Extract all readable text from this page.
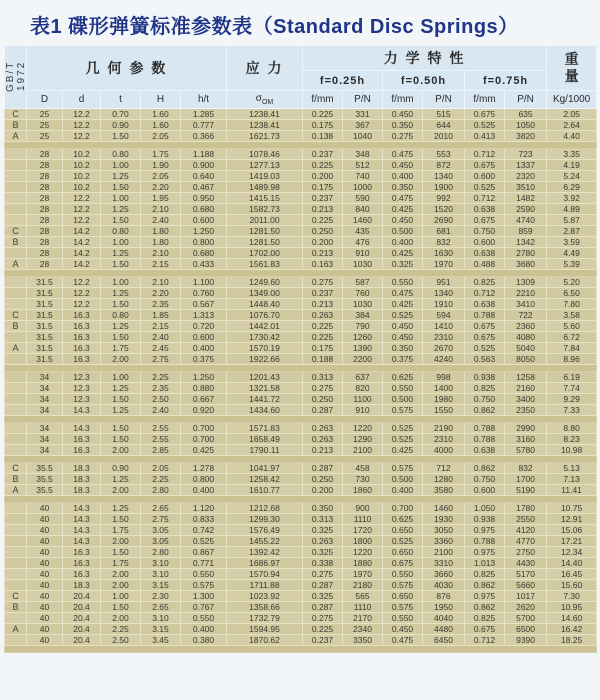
表1 碟形弹簧标准参数表（Standard Disc Springs）
GB/T 1972	几 何 参 数					应 力	力 学 特 性						重量
							f=0.25h		f=0.50h		f=0.75h		
	D	d	t	H	h/t	$\sigma_{OM}$	f/mm	P/N	f/mm	P/N	f/mm	P/N	Kg/1000
C	25	12.2	0.70	1.60	1.285	1238.41	0.225	331	0.450	515	0.675	635	2.05
B	25	12.2	0.90	1.60	0.777	1238.41	0.175	367	0.350	644	0.525	1050	2.64
A	25	12.2	1.50	2.05	0.366	1621.73	0.138	1040	0.275	2010	0.413	3820	4.40

	28	10.2	0.80	1.75	1.188	1078.46	0.237	348	0.475	553	0.712	723	3.35
	28	10.2	1.00	1.90	0.900	1277.13	0.225	512	0.450	872	0.675	1337	4.19
	28	10.2	1.25	2.05	0.640	1419.03	0.200	740	0.400	1340	0.600	2320	5.24
	28	10.2	1.50	2.20	0.467	1489.98	0.175	1000	0.350	1900	0.525	3510	6.29
	28	12.2	1.00	1.95	0.950	1415.15	0.237	590	0.475	992	0.712	1482	3.92
	28	12.2	1.25	2.10	0.680	1582.73	0.213	840	0.425	1520	0.638	2590	4.89
	28	12.2	1.50	2.40	0.600	2011.00	0.225	1460	0.450	2690	0.675	4740	5.87
C	28	14.2	0.80	1.80	1.250	1281.50	0.250	435	0.500	681	0.750	859	2.87
B	28	14.2	1.00	1.80	0.800	1281.50	0.200	476	0.400	832	0.600	1342	3.59
	28	14.2	1.25	2.10	0.680	1702.00	0.213	910	0.425	1630	0.638	2780	4.49
A	28	14.2	1.50	2.15	0.433	1561.83	0.163	1030	0.325	1970	0.488	3680	5.39

	31.5	12.2	1.00	2.10	1.100	1249.60	0.275	587	0.550	951	0.825	1309	5.20
	31.5	12.2	1.25	2.20	0.760	1349.00	0.237	760	0.475	1340	0.712	2210	6.50
	31.5	12.2	1.50	2.35	0.567	1448.40	0.213	1030	0.425	1910	0.638	3410	7.80
C	31.5	16.3	0.80	1.85	1.313	1076.70	0.263	384	0.525	594	0.788	722	3.58
B	31.5	16.3	1.25	2.15	0.720	1442.01	0.225	790	0.450	1410	0.675	2360	5.60
	31.5	16.3	1.50	2.40	0.600	1730.42	0.225	1260	0.450	2310	0.675	4080	6.72
A	31.5	16.3	1.75	2.45	0.400	1570.19	0.175	1390	0.350	2670	0.525	5040	7.84
	31.5	16.3	2.00	2.75	0.375	1922.66	0.188	2200	0.375	4240	0.563	8050	8.96

	34	12.3	1.00	2.25	1.250	1201.43	0.313	637	0.625	998	0.938	1258	6.19
	34	12.3	1.25	2.35	0.880	1321.58	0.275	820	0.550	1400	0.825	2160	7.74
	34	12.3	1.50	2.50	0.667	1441.72	0.250	1100	0.500	1980	0.750	3400	9.29
	34	14.3	1.25	2.40	0.920	1434.60	0.287	910	0.575	1550	0.862	2350	7.33

	34	14.3	1.50	2.55	0.700	1571.83	0.263	1220	0.525	2190	0.788	2990	8.80
	34	16.3	1.50	2.55	0.700	1658.49	0.263	1290	0.525	2310	0.788	3160	8.23
	34	16.3	2.00	2.85	0.425	1790.11	0.213	2100	0.425	4000	0.638	5780	10.98

C	35.5	18.3	0.90	2.05	1.278	1041.97	0.287	458	0.575	712	0.862	832	5.13
B	35.5	18.3	1.25	2.25	0.800	1258.42	0.250	730	0.500	1280	0.750	1700	7.13
A	35.5	18.3	2.00	2.80	0.400	1610.77	0.200	1860	0.400	3580	0.600	5190	11.41

	40	14.3	1.25	2.65	1.120	1212.68	0.350	900	0.700	1460	1.050	1780	10.75
	40	14.3	1.50	2.75	0.833	1299.30	0.313	1110	0.625	1930	0.938	2550	12.91
	40	14.3	1.75	3.05	0.742	1576.49	0.325	1720	0.650	3050	0.975	4120	15.06
	40	14.3	2.00	3.05	0.525	1455.22	0.263	1800	0.525	3360	0.788	4770	17.21
	40	16.3	1.50	2.80	0.867	1392.42	0.325	1220	0.650	2100	0.975	2750	12.34
	40	16.3	1.75	3.10	0.771	1686.97	0.338	1880	0.675	3310	1.013	4430	14.40
	40	16.3	2.00	3.10	0.550	1570.94	0.275	1970	0.550	3660	0.825	5170	16.45
	40	18.3	2.00	3.15	0.575	1711.88	0.287	2180	0.575	4030	0.862	5660	15.60
C	40	20.4	1.00	2.30	1.300	1023.92	0.325	565	0.650	876	0.975	1017	7.30
B	40	20.4	1.50	2.65	0.767	1358.66	0.287	1110	0.575	1950	0.862	2620	10.95
	40	20.4	2.00	3.10	0.550	1732.79	0.275	2170	0.550	4040	0.825	5700	14.60
A	40	20.4	2.25	3.15	0.400	1594.95	0.225	2340	0.450	4480	0.675	6500	16.42
	40	20.4	2.50	3.45	0.380	1870.62	0.237	3350	0.475	6450	0.712	9390	18.25
